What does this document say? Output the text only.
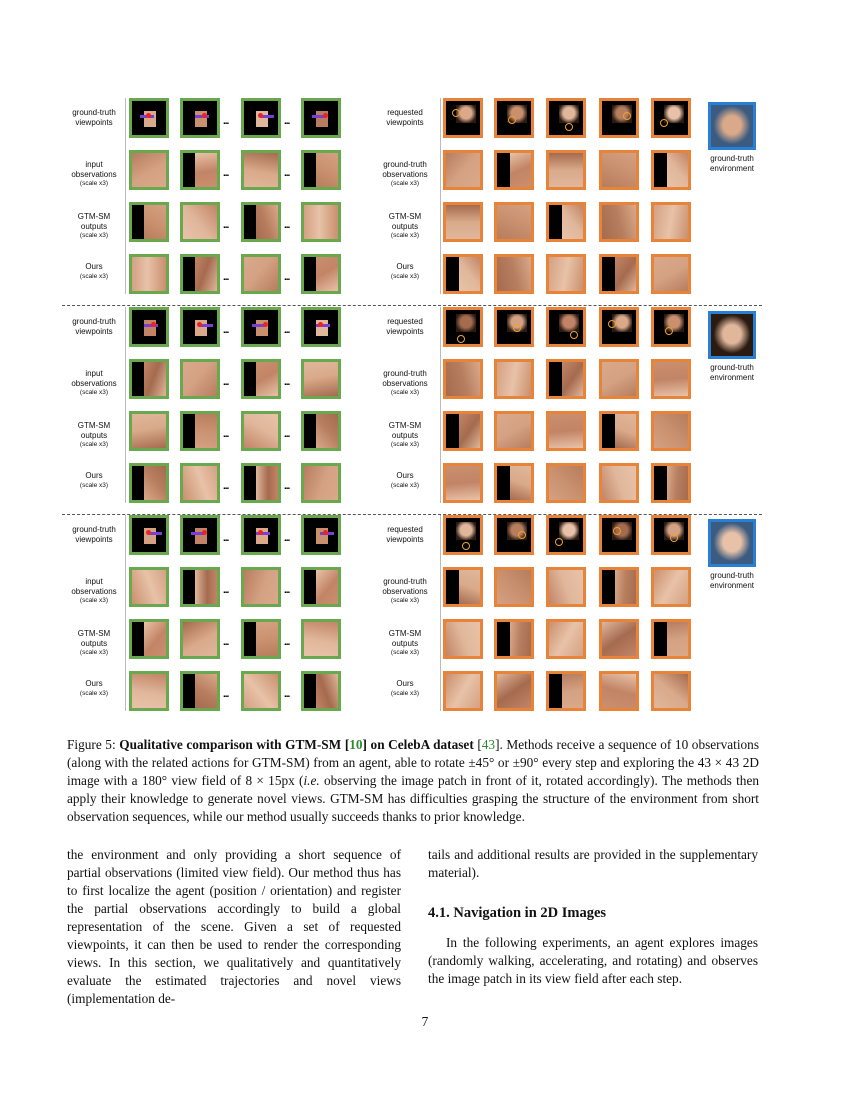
ground-truth
viewpoints
requested
viewpoints
...	...
input
observations
(scale x3)
ground-truth
observations
(scale x3)
...	...
GTM-SM
outputs
(scale x3)
GTM-SM
outputs
(scale x3)
...	...
Ours
(scale x3)
Ours
(scale x3)
...	...
ground-truth environment
ground-truth
viewpoints
requested
viewpoints
...	...
input
observations
(scale x3)
ground-truth
observations
(scale x3)
...	...
GTM-SM
outputs
(scale x3)
GTM-SM
outputs
(scale x3)
...	...
Ours
(scale x3)
Ours
(scale x3)
...	...
ground-truth environment
ground-truth
viewpoints
requested
viewpoints
...	...
input
observations
(scale x3)
ground-truth
observations
(scale x3)
...	...
GTM-SM
outputs
(scale x3)
GTM-SM
outputs
(scale x3)
...	...
Ours
(scale x3)
Ours
(scale x3)
...	...
ground-truth environment
Figure 5: Qualitative comparison with GTM-SM [10] on CelebA dataset [43]. Methods receive a sequence of 10 observations (along with the related actions for GTM-SM) from an agent, able to rotate ±45° or ±90° every step and exploring the 43 × 43 2D image with a 180° view field of 8 × 15px (i.e. observing the image patch in front of it, rotated accordingly). The methods then apply their knowledge to generate novel views. GTM-SM has difficulties grasping the structure of the environment from short observation sequences, while our method usually succeeds thanks to prior knowledge.
the environment and only providing a short sequence of partial observations (limited view field). Our method thus has to first localize the agent (position / orientation) and register the partial observations accordingly to build a global representation of the scene. Given a set of requested viewpoints, it can then be used to render the corresponding views. In this section, we qualitatively and quantitatively evaluate the estimated trajectories and novel views (implementation de-

tails and additional results are provided in the supplementary material).

4.1. Navigation in 2D Images

In the following experiments, an agent explores images (randomly walking, accelerating, and rotating) and observes the image patch in its view field after each step.

7
